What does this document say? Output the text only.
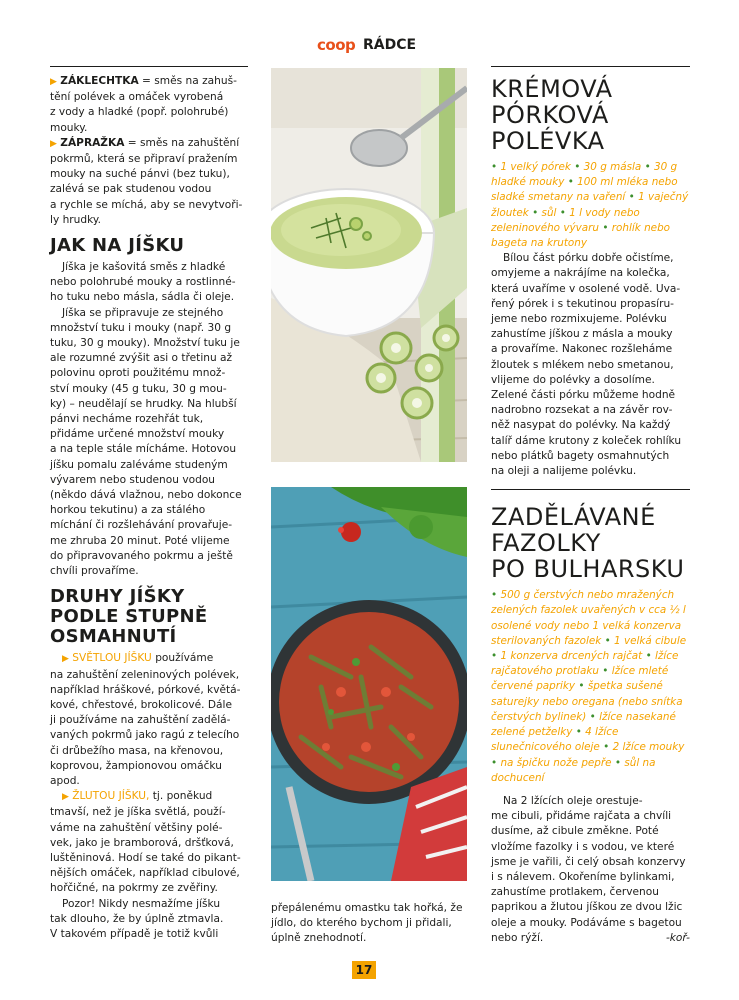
coop RÁDCE

▶ ZÁKLECHTKA = směs na zahuš-
tění polévek a omáček vyrobená
z vody a hladké (popř. polohrubé)
mouky.

▶ ZÁPRAŽKA = směs na zahuštění
pokrmů, která se připraví pražením
mouky na suché pánvi (bez tuku),
zalévá se pak studenou vodou
a rychle se míchá, aby se nevytvoři-
ly hrudky.

JAK NA JÍŠKU

Jíška je kašovitá směs z hladké
nebo polohrubé mouky a rostlinné-
ho tuku nebo másla, sádla či oleje.

Jíška se připravuje ze stejného
množství tuku i mouky (např. 30 g
tuku, 30 g mouky). Množství tuku je
ale rozumné zvýšit asi o třetinu až
polovinu oproti použitému množ-
ství mouky (45 g tuku, 30 g mou-
ky) – neudělají se hrudky. Na hlubší
pánvi necháme rozehřát tuk,
přidáme určené množství mouky
a na teple stále mícháme. Hotovou
jíšku pomalu zaléváme studeným
vývarem nebo studenou vodou
(někdo dává vlažnou, nebo dokonce
horkou tekutinu) a za stálého
míchání či rozšlehávání provařuje-
me zhruba 20 minut. Poté vlijeme
do připravovaného pokrmu a ještě
chvíli provaříme.

DRUHY JÍŠKY
PODLE STUPNĚ
OSMAHNUTÍ

▶ SVĚTLOU JÍŠKU používáme
na zahuštění zeleninových polévek,
například hráškové, pórkové, květá-
kové, chřestové, brokolicové. Dále
ji používáme na zahuštění zadělá-
vaných pokrmů jako ragú z telecího
či drůbežího masa, na křenovou,
koprovou, žampionovou omáčku
apod.

▶ ŽLUTOU JÍŠKU, tj. poněkud
tmavší, než je jíška světlá, použí-
váme na zahuštění většiny polé-
vek, jako je bramborová, dršťková,
luštěninová. Hodí se také do pikant-
nějších omáček, například cibulové,
hořčičné, na pokrmy ze zvěřiny.

Pozor! Nikdy nesmažíme jíšku
tak dlouho, že by úplně ztmavla.
V takovém případě je totiž kvůli

přepálenému omastku tak hořká, že
jídlo, do kterého bychom ji přidali,
úplně znehodnotí.
KRÉMOVÁ
PÓRKOVÁ
POLÉVKA

• 1 velký pórek • 30 g másla • 30 g hladké mouky • 100 ml mléka nebo sladké smetany na vaření • 1 vaječný žloutek • sůl • 1 l vody nebo zeleninového vývaru • rohlík nebo bageta na krutony

Bílou část pórku dobře očistíme,
omyjeme a nakrájíme na kolečka,
která uvaříme v osolené vodě. Uva-
řený pórek i s tekutinou propasíru-
jeme nebo rozmixujeme. Polévku
zahustíme jíškou z másla a mouky
a provaříme. Nakonec rozšleháme
žloutek s mlékem nebo smetanou,
vlijeme do polévky a dosolíme.
Zelené části pórku můžeme hodně
nadrobno rozsekat a na závěr rov-
něž nasypat do polévky. Na každý
talíř dáme krutony z koleček rohlíku
nebo plátků bagety osmahnutých
na oleji a nalijeme polévku.

ZADĚLÁVANÉ
FAZOLKY
PO BULHARSKU

• 500 g čerstvých nebo mražených zelených fazolek uvařených v cca ½ l osolené vody nebo 1 velká konzerva sterilovaných fazolek • 1 velká cibule • 1 konzerva drcených rajčat • lžíce rajčatového protlaku • lžíce mleté červené papriky • špetka sušené saturejky nebo oregana (nebo snítka čerstvých bylinek) • lžíce nasekané zelené petželky • 4 lžíce slunečnicového oleje • 2 lžíce mouky • na špičku nože pepře • sůl na dochucení

Na 2 lžících oleje orestuje-
me cibuli, přidáme rajčata a chvíli
dusíme, až cibule změkne. Poté
vložíme fazolky i s vodou, ve které
jsme je vařili, či celý obsah konzervy
i s nálevem. Okořeníme bylinkami,
zahustíme protlakem, červenou
paprikou a žlutou jíškou ze dvou lžic
oleje a mouky. Podáváme s bagetou
nebo rýží.	-koř-

17
